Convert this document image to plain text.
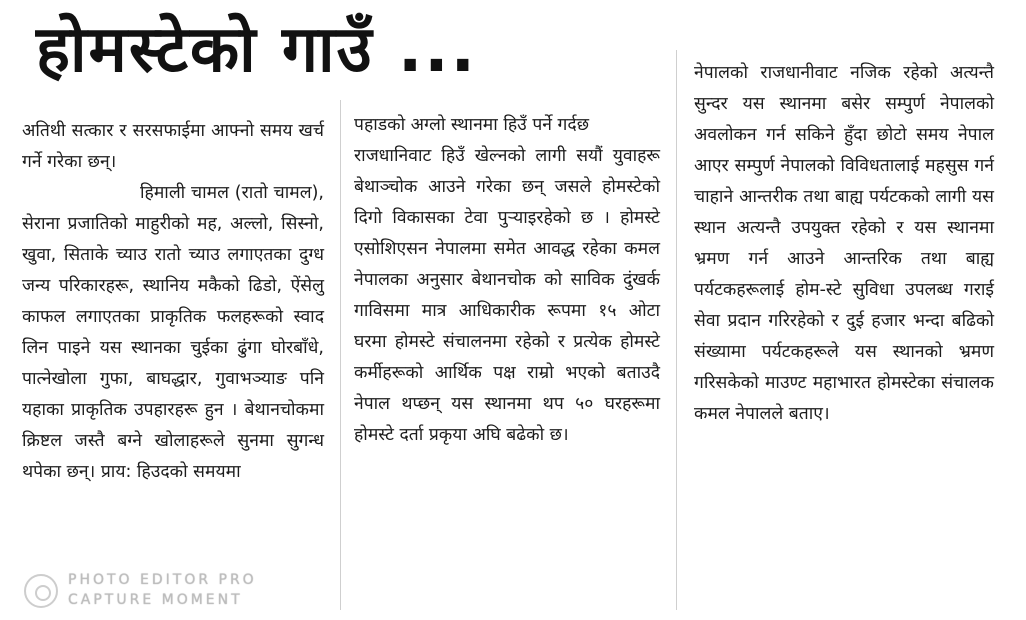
होमस्टेको गाउँ ...

अतिथी सत्कार र सरसफाईमा आफ्नो समय खर्च गर्ने गरेका छन्।

हिमाली चामल (रातो चामल), सेराना प्रजातिको माहुरीको मह, अल्लो, सिस्नो, खुवा, सिताके च्याउ रातो च्याउ लगाएतका दुग्ध जन्य परिकारहरू, स्थानिय मकैको ढिडो, ऐंसेलु काफल लगाएतका प्राकृतिक फलहरूको स्वाद लिन पाइने यस स्थानका चुईका ढुंगा घोरबाँधे, पात्नेखोला गुफा, बाघद्धार, गुवाभञ्याङ पनि यहाका प्राकृतिक उपहारहरू हुन । बेथानचोकमा क्रिष्टल जस्तै बग्ने खोलाहरूले सुनमा सुगन्ध थपेका छन्। प्राय: हिउदको समयमा

पहाडको अग्लो स्थानमा हिउँ पर्ने गर्दछ

राजधानिवाट हिउँ खेल्नको लागी सयौं युवाहरू बेथाञ्चोक आउने गरेका छन् जसले होमस्टेको दिगो विकासका टेवा पुऱ्याइरहेको छ । होमस्टे एसोशिएसन नेपालमा समेत आवद्ध रहेका कमल नेपालका अनुसार बेथानचोक को साविक दुंखर्क गाविसमा मात्र आधिकारीक रूपमा १५ ओटा घरमा होमस्टे संचालनमा रहेको र प्रत्येक होमस्टे कर्मीहरूको आर्थिक पक्ष राम्रो भएको बताउदै नेपाल थप्छन् यस स्थानमा थप ५० घरहरूमा होमस्टे दर्ता प्रकृया अघि बढेको छ।

नेपालको राजधानीवाट नजिक रहेको अत्यन्तै सुन्दर यस स्थानमा बसेर सम्पुर्ण नेपालको अवलोकन गर्न सकिने हुँदा छोटो समय नेपाल आएर सम्पुर्ण नेपालको विविधतालाई महसुस गर्न चाहाने आन्तरीक तथा बाह्य पर्यटकको लागी यस स्थान अत्यन्तै उपयुक्त रहेको र यस स्थानमा भ्रमण गर्न आउने आन्तरिक तथा बाह्य पर्यटकहरूलाई होम-स्टे सुविधा उपलब्ध गराई सेवा प्रदान गरिरहेको र दुई हजार भन्दा बढिको संख्यामा पर्यटकहरूले यस स्थानको भ्रमण गरिसकेको माउण्ट महाभारत होमस्टेका संचालक कमल नेपालले बताए।

PHOTO EDITOR PRO
CAPTURE MOMENT
